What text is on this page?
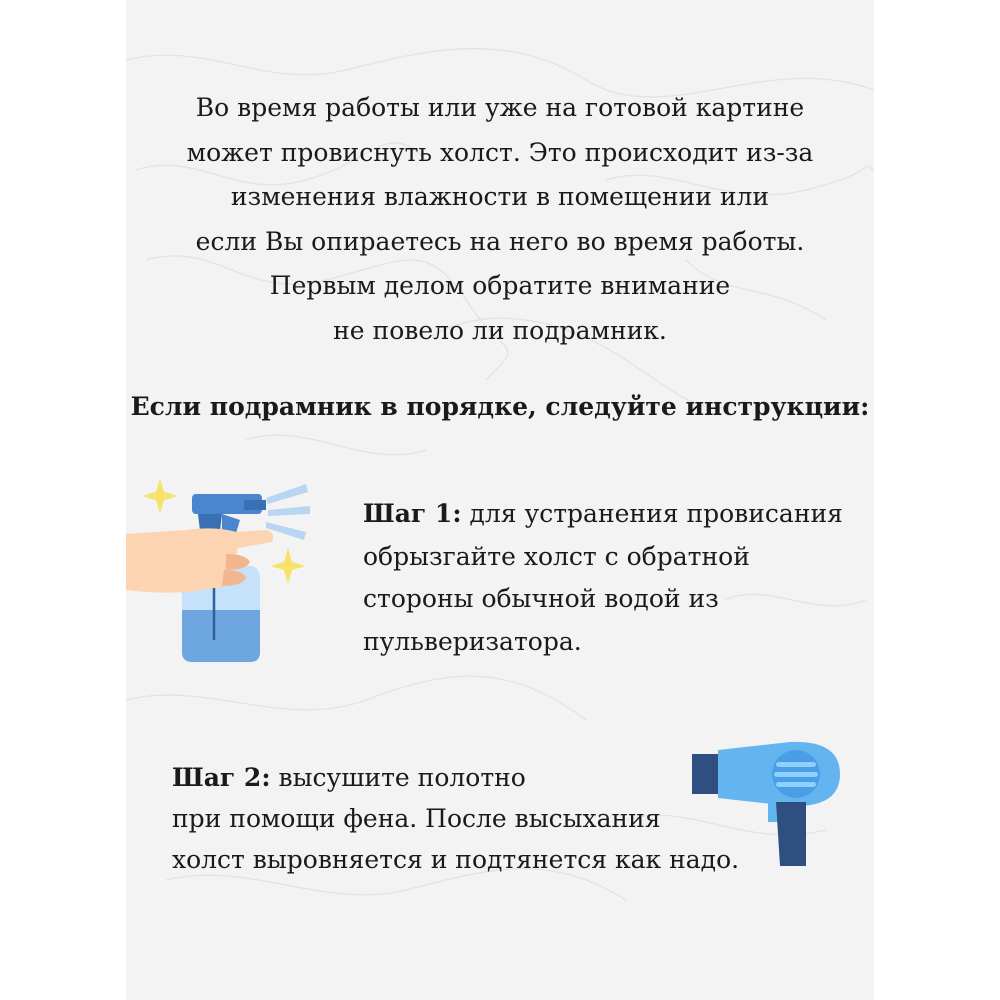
Во время работы или уже на готовой картине
может провиснуть холст. Это происходит из-за
изменения влажности в помещении или
если Вы опираетесь на него во время работы.
Первым делом обратите внимание
не повело ли подрамник.
Если подрамник в порядке, следуйте инструкции:
Шаг 1: для устранения провисания
обрызгайте холст с обратной
стороны обычной водой из
пульверизатора.
Шаг 2: высушите полотно
при помощи фена. После высыхания
холст выровняется и подтянется как надо.
